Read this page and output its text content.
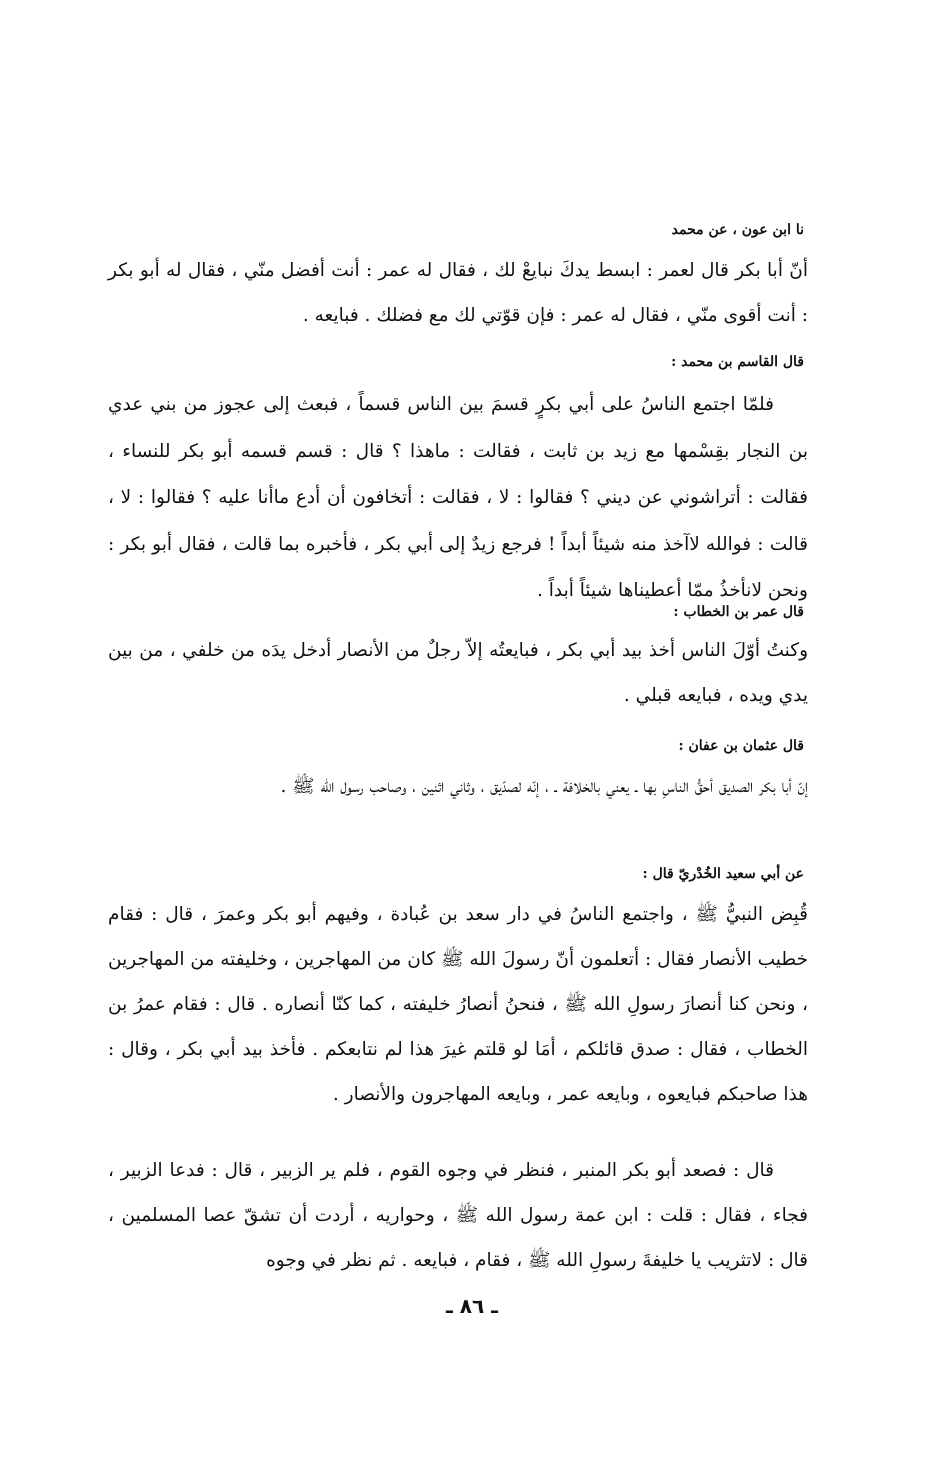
نا ابن عون ، عن محمد

أنّ أبا بكر قال لعمر : ابسط يدكَ نبايعْ لك ، فقال له عمر : أنت أفضل منّي ، فقال له أبو بكر : أنت أقوى منّي ، فقال له عمر : فإن قوّتي لك مع فضلك . فبايعه .

قال القاسم بن محمد :

فلمّا اجتمع الناسُ على أبي بكرٍ قسمَ بين الناس قسماً ، فبعث إلى عجوز من بني عدي بن النجار بقِسْمها مع زيد بن ثابت ، فقالت : ماهذا ؟ قال : قسم قسمه أبو بكر للنساء ، فقالت : أتراشوني عن ديني ؟ فقالوا : لا ، فقالت : أتخافون أن أدع ماأنا عليه ؟ فقالوا : لا ، قالت : فوالله لاآخذ منه شيئاً أبداً ! فرجع زيدٌ إلى أبي بكر ، فأخبره بما قالت ، فقال أبو بكر : ونحن لانأخذُ ممّا أعطيناها شيئاً أبداً .

قال عمر بن الخطاب :

وكنتُ أوّلَ الناس أخذ بيد أبي بكر ، فبايعتُه إلاّ رجلٌ من الأنصار أدخل يدَه من خلفي ، من بين يدي ويده ، فبايعه قبلي .

قال عثمان بن عفان :

إنّ أبا بكر الصديق أحقُّ الناسِ بها ـ يعني بالخلافة ـ ، إنّه لصدّيق ، وثاني اثنين ، وصاحب رسول الله ﷺ .

عن أبي سعيد الخُدْريّ قال :

قُبِض النبيُّ ﷺ ، واجتمع الناسُ في دار سعد بن عُبادة ، وفيهم أبو بكر وعمرَ ، قال : فقام خطيب الأنصار فقال : أتعلمون أنّ رسولَ الله ﷺ كان من المهاجرين ، وخليفته من المهاجرين ، ونحن كنا أنصارَ رسولِ الله ﷺ ، فنحنُ أنصارُ خليفته ، كما كنّا أنصاره . قال : فقام عمرُ بن الخطاب ، فقال : صدق قائلكم ، أمَا لو قلتم غيرَ هذا لم نتابعكم . فأخذ بيد أبي بكر ، وقال : هذا صاحبكم فبايعوه ، وبايعه عمر ، وبايعه المهاجرون والأنصار .

قال : فصعد أبو بكر المنبر ، فنظر في وجوه القوم ، فلم ير الزبير ، قال : فدعا الزبير ، فجاء ، فقال : قلت : ابن عمة رسول الله ﷺ ، وحواريه ، أردت أن تشقّ عصا المسلمين ، قال : لاتثريب يا خليفةَ رسولِ الله ﷺ ، فقام ، فبايعه . ثم نظر في وجوه

ـ ٨٦ ـ
